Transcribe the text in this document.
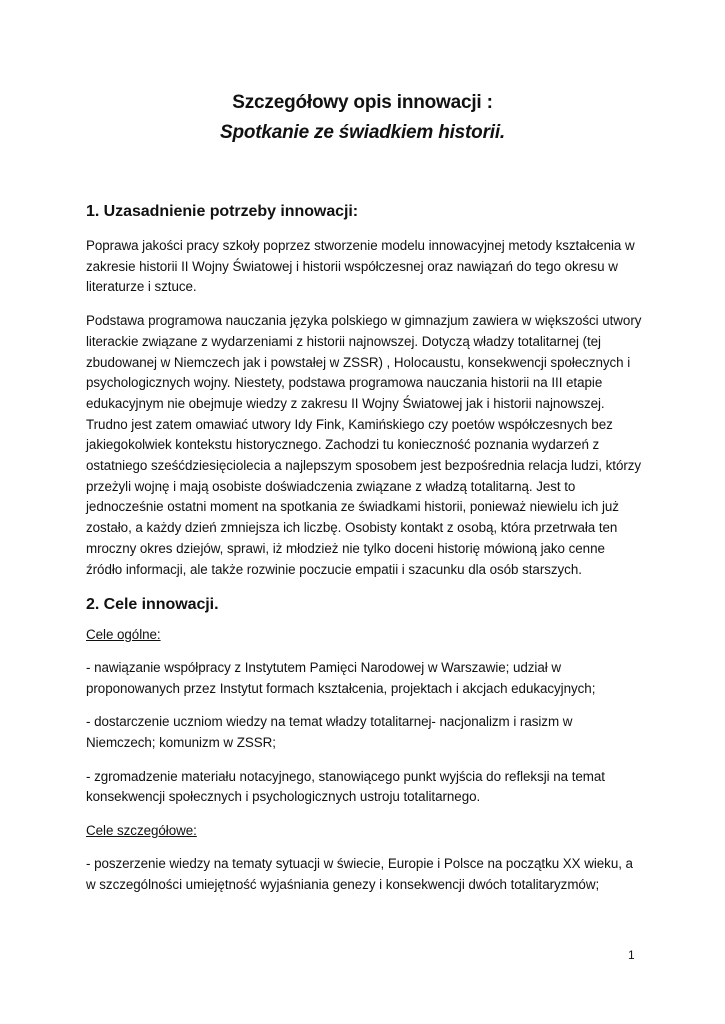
Szczegółowy opis innowacji :
Spotkanie ze świadkiem historii.
1. Uzasadnienie potrzeby innowacji:

Poprawa jakości pracy szkoły poprzez stworzenie modelu innowacyjnej metody kształcenia w zakresie historii II Wojny Światowej i historii współczesnej oraz nawiązań do tego okresu w literaturze i sztuce.

Podstawa programowa nauczania języka polskiego w gimnazjum zawiera w większości utwory literackie związane z wydarzeniami z historii najnowszej. Dotyczą władzy totalitarnej (tej zbudowanej w Niemczech jak i powstałej w ZSSR) , Holocaustu, konsekwencji społecznych i psychologicznych wojny. Niestety, podstawa programowa nauczania historii na III etapie edukacyjnym nie obejmuje wiedzy z zakresu II Wojny Światowej jak i historii najnowszej. Trudno jest zatem omawiać utwory Idy Fink, Kamińskiego czy poetów współczesnych bez jakiegokolwiek kontekstu historycznego. Zachodzi tu konieczność poznania wydarzeń z ostatniego sześćdziesięciolecia a najlepszym sposobem jest bezpośrednia relacja ludzi, którzy przeżyli wojnę i mają osobiste doświadczenia związane z władzą totalitarną. Jest to jednocześnie ostatni moment na spotkania ze świadkami historii, ponieważ niewielu ich już zostało, a każdy dzień zmniejsza ich liczbę. Osobisty kontakt z osobą, która przetrwała ten mroczny okres dziejów, sprawi, iż młodzież nie tylko doceni historię mówioną jako cenne źródło informacji, ale także rozwinie poczucie empatii i szacunku dla osób starszych.

2. Cele innowacji.

Cele ogólne:

- nawiązanie współpracy z Instytutem Pamięci Narodowej w Warszawie; udział w proponowanych przez Instytut formach kształcenia, projektach i akcjach edukacyjnych;

- dostarczenie uczniom wiedzy na temat władzy totalitarnej- nacjonalizm i rasizm w Niemczech; komunizm w ZSSR;

- zgromadzenie materiału notacyjnego, stanowiącego punkt wyjścia do refleksji na temat konsekwencji społecznych i psychologicznych ustroju totalitarnego.

Cele szczegółowe:

- poszerzenie wiedzy na tematy sytuacji w świecie, Europie i Polsce na początku XX wieku, a w szczególności umiejętność wyjaśniania genezy i konsekwencji dwóch totalitaryzmów;

1
